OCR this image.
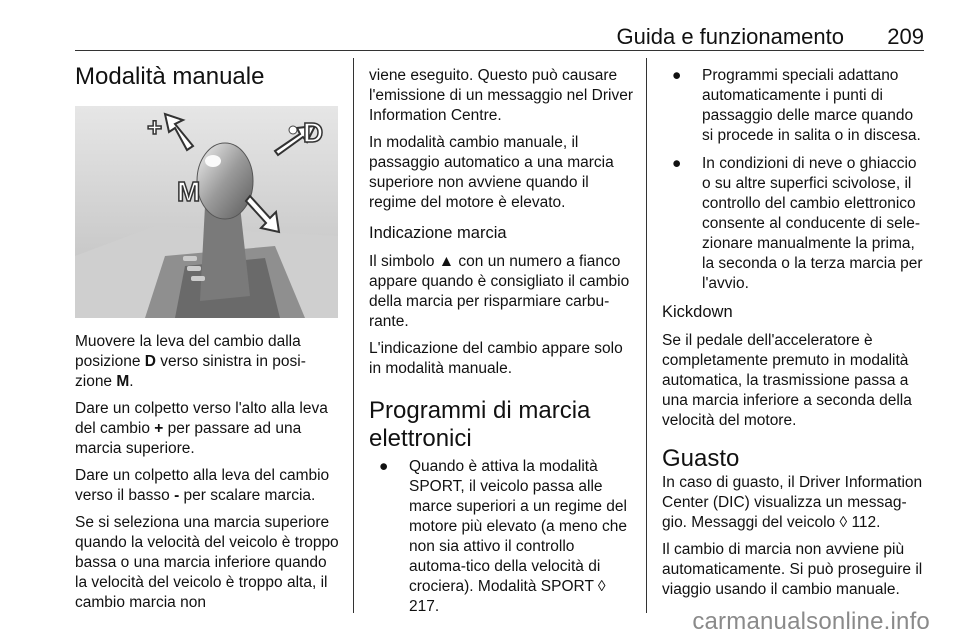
Guida e funzionamento 209
Modalità manuale
+	D
M

Muovere la leva del cambio dalla posizione D verso sinistra in posi-zione M.

Dare un colpetto verso l'alto alla leva del cambio + per passare ad una marcia superiore.

Dare un colpetto alla leva del cambio verso il basso - per scalare marcia.

Se si seleziona una marcia superiore quando la velocità del veicolo è troppo bassa o una marcia inferiore quando la velocità del veicolo è troppo alta, il cambio marcia non

viene eseguito. Questo può causare l'emissione di un messaggio nel Driver Information Centre.

In modalità cambio manuale, il passaggio automatico a una marcia superiore non avviene quando il regime del motore è elevato.

Indicazione marcia

Il simbolo ▲ con un numero a fianco appare quando è consigliato il cambio della marcia per risparmiare carbu-rante.

L'indicazione del cambio appare solo in modalità manuale.

Programmi di marcia elettronici
● Quando è attiva la modalità SPORT, il veicolo passa alle marce superiori a un regime del motore più elevato (a meno che non sia attivo il controllo automa-tico della velocità di crociera). Modalità SPORT ◊ 217.
● Programmi speciali adattano automaticamente i punti di passaggio delle marce quando si procede in salita o in discesa.
● In condizioni di neve o ghiaccio o su altre superfici scivolose, il controllo del cambio elettronico consente al conducente di sele-zionare manualmente la prima, la seconda o la terza marcia per l'avvio.
Kickdown

Se il pedale dell'acceleratore è completamente premuto in modalità automatica, la trasmissione passa a una marcia inferiore a seconda della velocità del motore.

Guasto

In caso di guasto, il Driver Information Center (DIC) visualizza un messag-gio. Messaggi del veicolo ◊ 112.

Il cambio di marcia non avviene più automaticamente. Si può proseguire il viaggio usando il cambio manuale.

carmanualsonline.info
